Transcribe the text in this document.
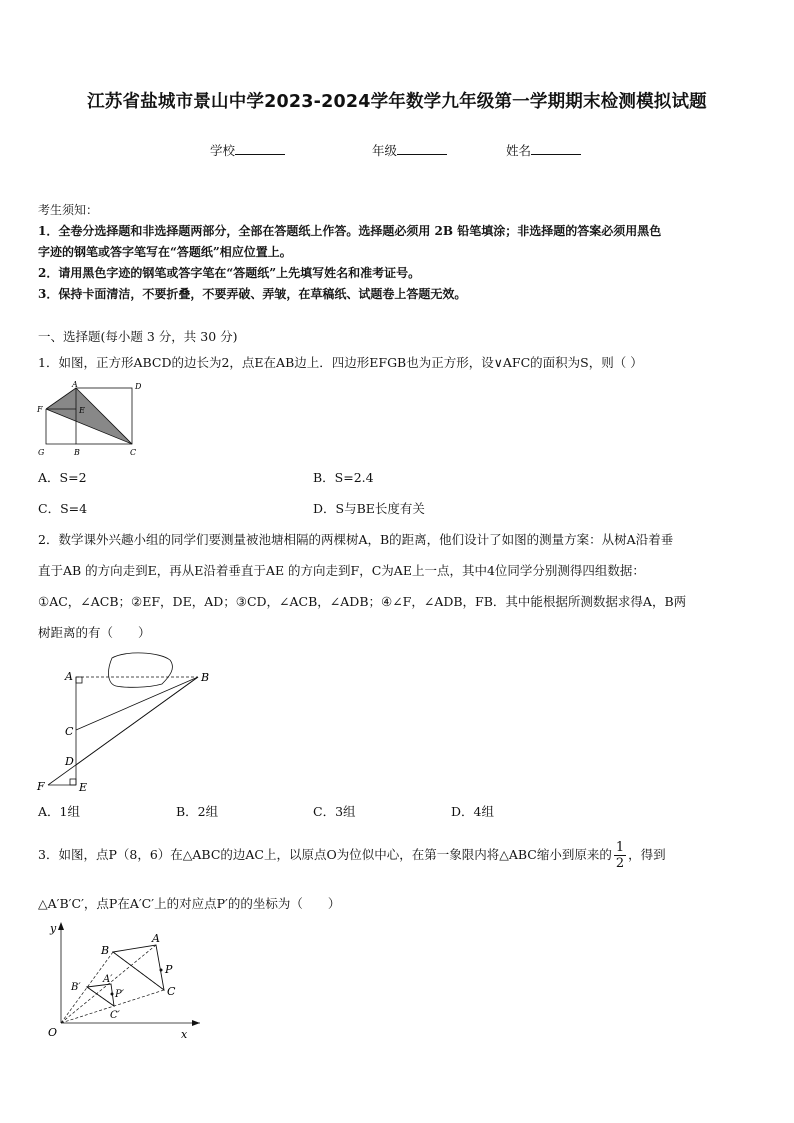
江苏省盐城市景山中学2023-2024学年数学九年级第一学期期末检测模拟试题
学校	年级	姓名
考生须知：
1．全卷分选择题和非选择题两部分，全部在答题纸上作答。选择题必须用 2B 铅笔填涂；非选择题的答案必须用黑色
字迹的钢笔或答字笔写在“答题纸”相应位置上。
2．请用黑色字迹的钢笔或答字笔在“答题纸”上先填写姓名和准考证号。
3．保持卡面清洁，不要折叠，不要弄破、弄皱，在草稿纸、试题卷上答题无效。
一、选择题(每小题 3 分，共 30 分)
1．如图，正方形ABCD的边长为2，点E在AB边上．四边形EFGB也为正方形，设∨AFC的面积为S，则（ ）
A	D
F	E
G	B	C
A．S=2	B．S=2.4
C．S=4	D．S与BE长度有关
2．数学课外兴趣小组的同学们要测量被池塘相隔的两棵树A，B的距离，他们设计了如图的测量方案：从树A沿着垂
直于AB 的方向走到E，再从E沿着垂直于AE 的方向走到F，C为AE上一点，其中4位同学分别测得四组数据：
①AC，∠ACB；②EF，DE，AD；③CD，∠ACB，∠ADB；④∠F，∠ADB，FB．其中能根据所测数据求得A，B两
树距离的有（　　）
A	B
C
D
F	E
A．1组	B．2组	C．3组	D．4组
3．如图，点P（8，6）在△ABC的边AC上，以原点O为位似中心，在第一象限内将△ABC缩小到原来的 $\frac{1}{2}$ ，得到
△A′B′C′，点P在A′C′上的对应点P′的的坐标为（　　）
y
x
O
A
B
C
P
A′
B′
C′
P′
